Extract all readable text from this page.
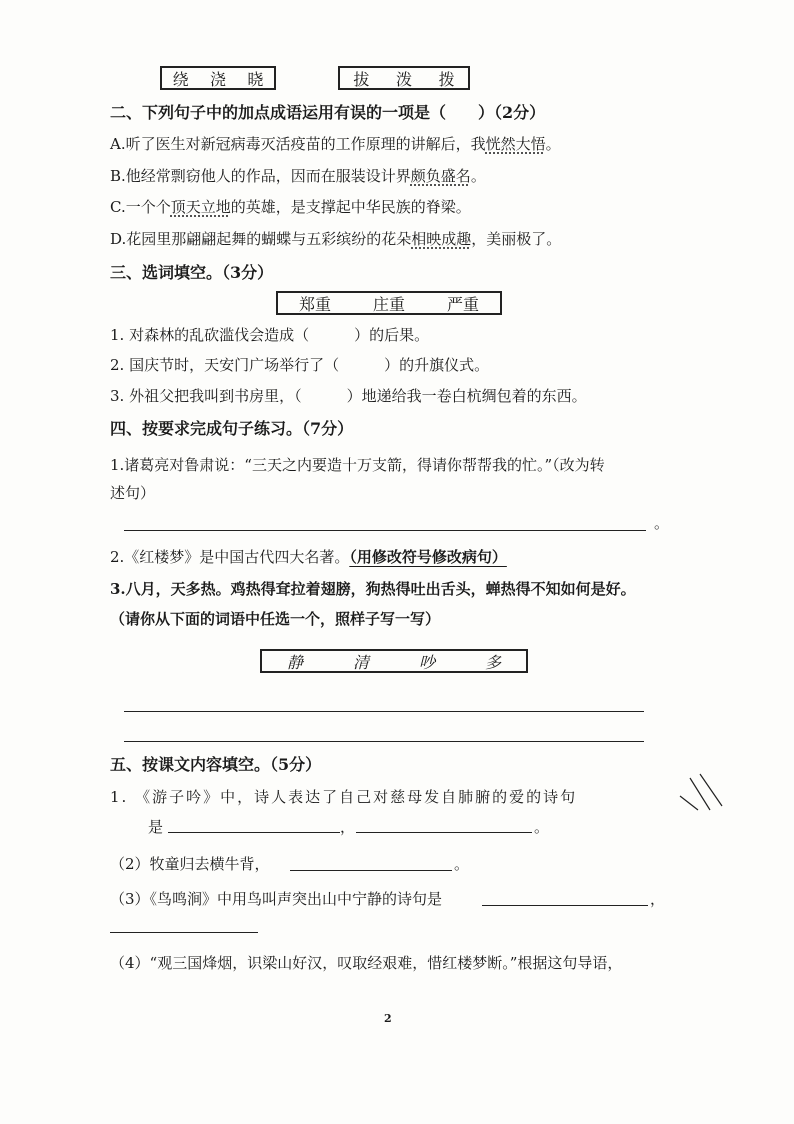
绕 浇 晓	拔 泼 拨
二、下列句子中的加点成语运用有误的一项是（　　）（2分）
A.听了医生对新冠病毒灭活疫苗的工作原理的讲解后，我恍然大悟。
B.他经常剽窃他人的作品，因而在服装设计界颇负盛名。
C.一个个顶天立地的英雄，是支撑起中华民族的脊梁。
D.花园里那翩翩起舞的蝴蝶与五彩缤纷的花朵相映成趣，美丽极了。
三、选词填空。（3分）
郑重	庄重	严重
1. 对森林的乱砍滥伐会造成（　　　）的后果。
2. 国庆节时，天安门广场举行了（　　　）的升旗仪式。
3. 外祖父把我叫到书房里，（　　　）地递给我一卷白杭绸包着的东西。
四、按要求完成句子练习。（7分）
1.诸葛亮对鲁肃说：“三天之内要造十万支箭，得请你帮帮我的忙。”（改为转
述句）
。
2.《红楼梦》是中国古代四大名著。（用修改符号修改病句）
3.八月，天多热。鸡热得耷拉着翅膀，狗热得吐出舌头，蝉热得不知如何是好。
（请你从下面的词语中任选一个，照样子写一写）
静	清	吵	多
五、按课文内容填空。（5分）
1. 《游子吟》中，诗人表达了自己对慈母发自肺腑的爱的诗句
是	，	。
（2）牧童归去横牛背，	。
（3）《鸟鸣涧》中用鸟叫声突出山中宁静的诗句是	，
（4）“观三国烽烟，识梁山好汉，叹取经艰难，惜红楼梦断。”根据这句导语，
2
